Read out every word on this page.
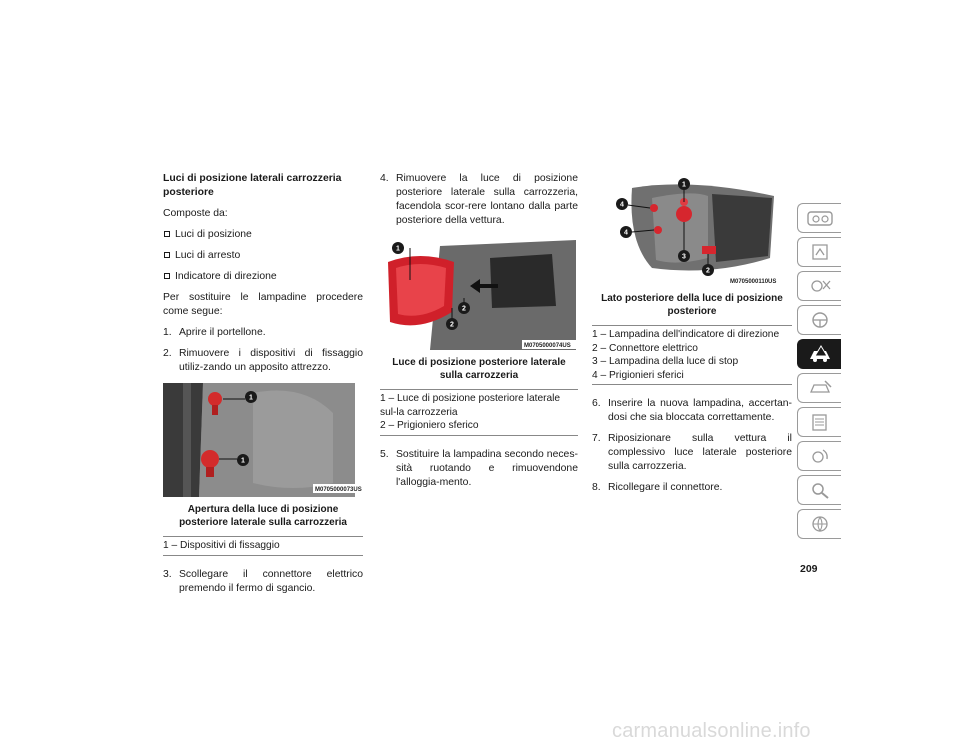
Luci di posizione laterali carrozzeria posteriore

Composte da:

Luci di posizione
Luci di arresto
Indicatore di direzione

Per sostituire le lampadine procedere come segue:

1. Aprire il portellone.
2. Rimuovere i dispositivi di fissaggio utiliz-zando un apposito attrezzo.
1
1
M0705000073US
Apertura della luce di posizione posteriore laterale sulla carrozzeria
1 – Dispositivi di fissaggio
3. Scollegare il connettore elettrico premendo il fermo di sgancio.
4. Rimuovere la luce di posizione posteriore laterale sulla carrozzeria, facendola scor-rere lontano dalla parte posteriore della vettura.
1
2
2
M0705000074US
Luce di posizione posteriore laterale sulla carrozzeria
1 – Luce di posizione posteriore laterale sul-la carrozzeria
2 – Prigioniero sferico
5. Sostituire la lampadina secondo neces-sità ruotando e rimuovendone l'alloggia-mento.
1
4
4
3
2
M0705000110US
Lato posteriore della luce di posizione posteriore
1 – Lampadina dell'indicatore di direzione
2 – Connettore elettrico
3 – Lampadina della luce di stop
4 – Prigionieri sferici
6. Inserire la nuova lampadina, accertan-dosi che sia bloccata correttamente.
7. Riposizionare sulla vettura il complessivo luce laterale posteriore sulla carrozzeria.
8. Ricollegare il connettore.
209
carmanualsonline.info
